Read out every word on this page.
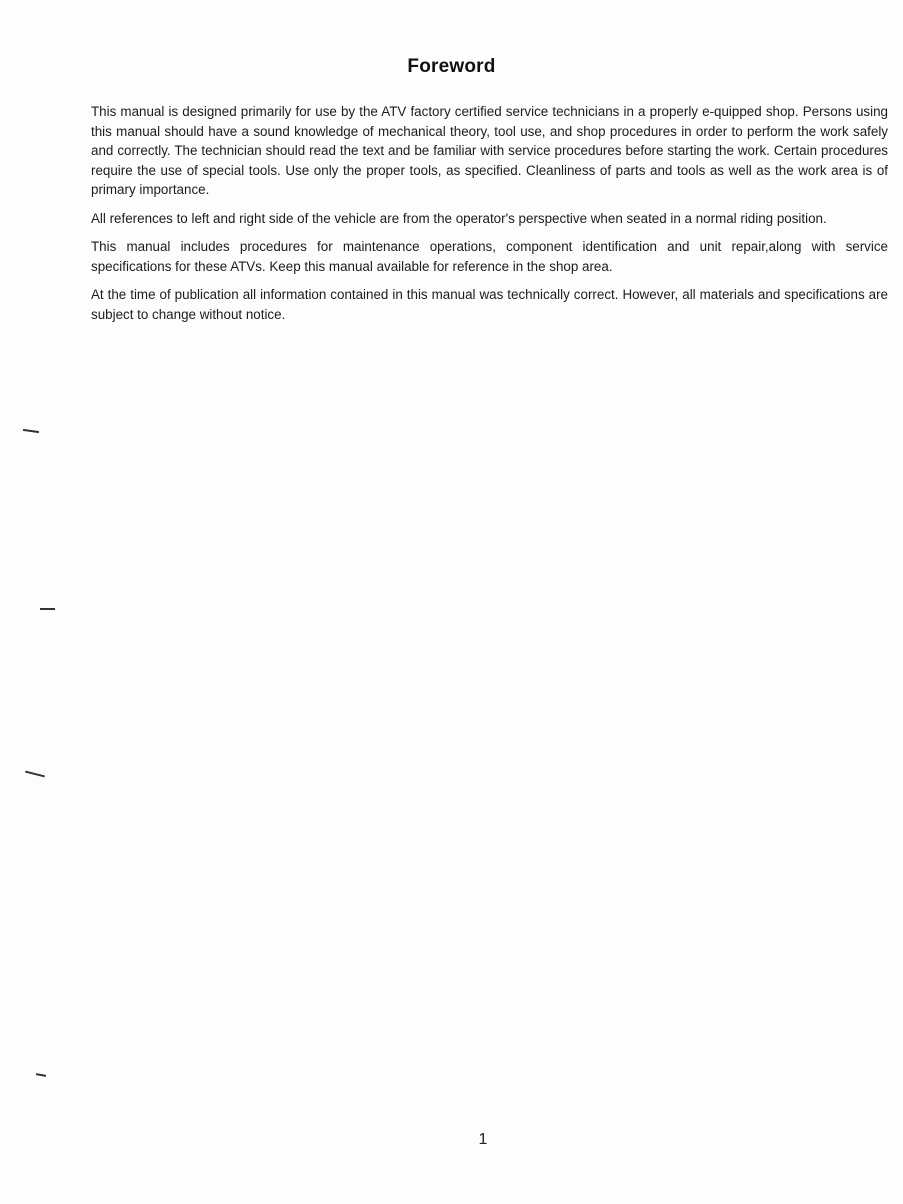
Foreword

This manual is designed primarily for use by the ATV factory certified service technicians in a properly e-quipped shop. Persons using this manual should have a sound knowledge of mechanical theory, tool use, and shop procedures in order to perform the work safely and correctly. The technician should read the text and be familiar with service procedures before starting the work. Certain procedures require the use of special tools. Use only the proper tools, as specified. Cleanliness of parts and tools as well as the work area is of primary importance.

All references to left and right side of the vehicle are from the operator's perspective when seated in a normal riding position.

This manual includes procedures for maintenance operations, component identification and unit repair,along with service specifications for these ATVs. Keep this manual available for reference in the shop area.

At the time of publication all information contained in this manual was technically correct. However, all materials and specifications are subject to change without notice.

1
